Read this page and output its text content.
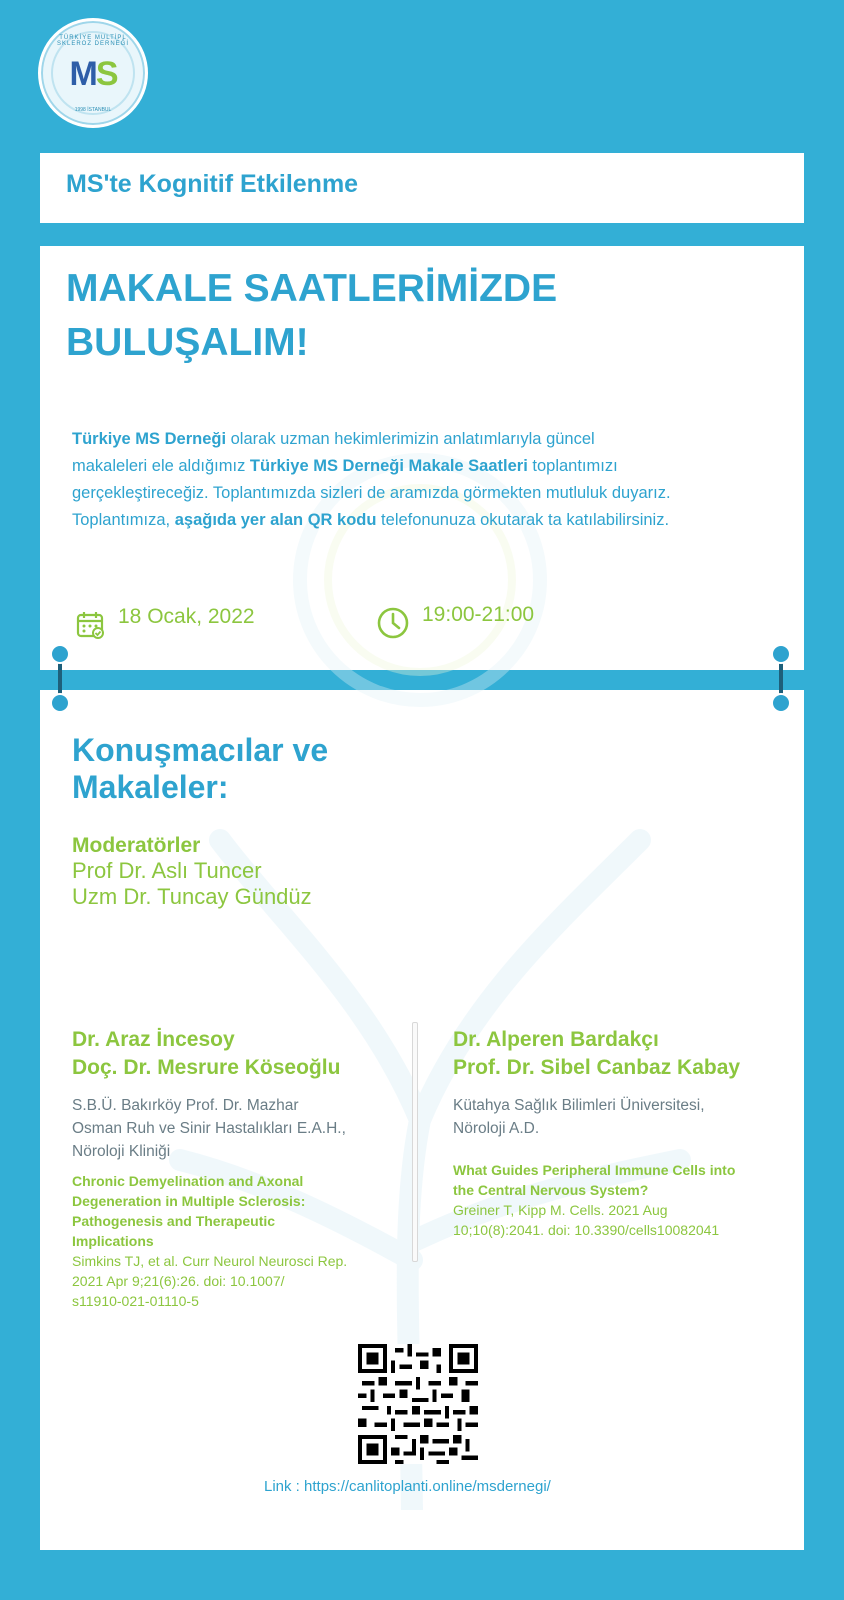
TÜRKİYE MULTİPL SKLEROZ DERNEĞİ
MS
1998 İSTANBUL
MS'te Kognitif Etkilenme
MAKALE SAATLERİMİZDE
BULUŞALIM!
Türkiye MS Derneği olarak uzman hekimlerimizin anlatımlarıyla güncel makaleleri ele aldığımız Türkiye MS Derneği Makale Saatleri toplantımızı gerçekleştireceğiz. Toplantımızda sizleri de aramızda görmekten mutluluk duyarız. Toplantımıza, aşağıda yer alan QR kodu telefonunuza okutarak ta katılabilirsiniz.
18 Ocak, 2022	19:00-21:00
Konuşmacılar ve
Makaleler:
Moderatörler
Prof Dr. Aslı Tuncer
Uzm Dr. Tuncay Gündüz
Dr. Araz İncesoy
Doç. Dr. Mesrure Köseoğlu
S.B.Ü. Bakırköy Prof. Dr. Mazhar
Osman Ruh ve Sinir Hastalıkları E.A.H.,
Nöroloji Kliniği
Chronic Demyelination and Axonal
Degeneration in Multiple Sclerosis:
Pathogenesis and Therapeutic
Implications
Simkins TJ, et al. Curr Neurol Neurosci Rep.
2021 Apr 9;21(6):26. doi: 10.1007/
s11910-021-01110-5
Dr. Alperen Bardakçı
Prof. Dr. Sibel Canbaz Kabay
Kütahya Sağlık Bilimleri Üniversitesi,
Nöroloji A.D.
What Guides Peripheral Immune Cells into
the Central Nervous System?
Greiner T, Kipp M. Cells. 2021 Aug
10;10(8):2041. doi: 10.3390/cells10082041
Link : https://canlitoplanti.online/msdernegi/
